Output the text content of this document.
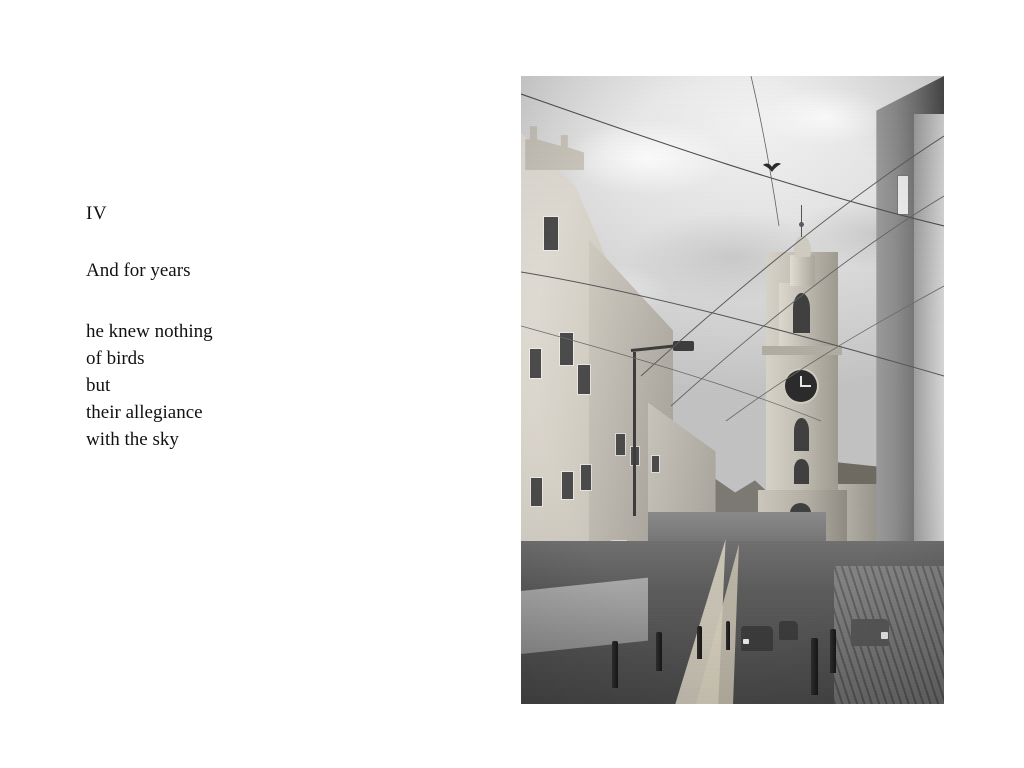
IV
And for years
he knew nothing
of birds
but
their allegiance
with the sky
